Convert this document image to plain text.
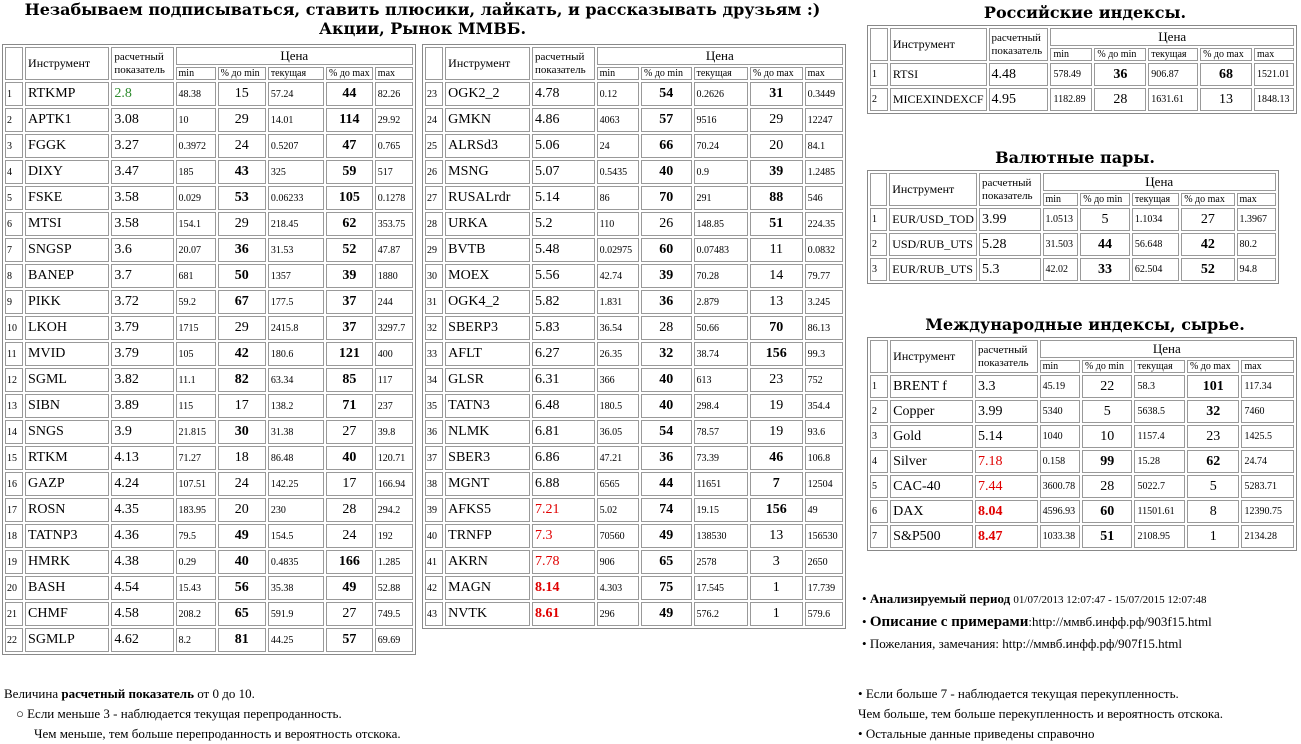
Незабываем подписываться, ставить плюсики, лайкать, и рассказывать друзьям :)
Акции, Рынок ММВБ.
	Инструмент	расчетный
показатель	Цена				
			min	% до min	текущая	% до max	max
1	RTKMP	2.8	48.38	15	57.24	44	82.26
2	APTK1	3.08	10	29	14.01	114	29.92
3	FGGK	3.27	0.3972	24	0.5207	47	0.765
4	DIXY	3.47	185	43	325	59	517
5	FSKE	3.58	0.029	53	0.06233	105	0.1278
6	MTSI	3.58	154.1	29	218.45	62	353.75
7	SNGSP	3.6	20.07	36	31.53	52	47.87
8	BANEP	3.7	681	50	1357	39	1880
9	PIKK	3.72	59.2	67	177.5	37	244
10	LKOH	3.79	1715	29	2415.8	37	3297.7
11	MVID	3.79	105	42	180.6	121	400
12	SGML	3.82	11.1	82	63.34	85	117
13	SIBN	3.89	115	17	138.2	71	237
14	SNGS	3.9	21.815	30	31.38	27	39.8
15	RTKM	4.13	71.27	18	86.48	40	120.71
16	GAZP	4.24	107.51	24	142.25	17	166.94
17	ROSN	4.35	183.95	20	230	28	294.2
18	TATNP3	4.36	79.5	49	154.5	24	192
19	HMRK	4.38	0.29	40	0.4835	166	1.285
20	BASH	4.54	15.43	56	35.38	49	52.88
21	CHMF	4.58	208.2	65	591.9	27	749.5
22	SGMLP	4.62	8.2	81	44.25	57	69.69
	Инструмент	расчетный
показатель	Цена				
			min	% до min	текущая	% до max	max
23	OGK2_2	4.78	0.12	54	0.2626	31	0.3449
24	GMKN	4.86	4063	57	9516	29	12247
25	ALRSd3	5.06	24	66	70.24	20	84.1
26	MSNG	5.07	0.5435	40	0.9	39	1.2485
27	RUSALrdr	5.14	86	70	291	88	546
28	URKA	5.2	110	26	148.85	51	224.35
29	BVTB	5.48	0.02975	60	0.07483	11	0.0832
30	MOEX	5.56	42.74	39	70.28	14	79.77
31	OGK4_2	5.82	1.831	36	2.879	13	3.245
32	SBERP3	5.83	36.54	28	50.66	70	86.13
33	AFLT	6.27	26.35	32	38.74	156	99.3
34	GLSR	6.31	366	40	613	23	752
35	TATN3	6.48	180.5	40	298.4	19	354.4
36	NLMK	6.81	36.05	54	78.57	19	93.6
37	SBER3	6.86	47.21	36	73.39	46	106.8
38	MGNT	6.88	6565	44	11651	7	12504
39	AFKS5	7.21	5.02	74	19.15	156	49
40	TRNFP	7.3	70560	49	138530	13	156530
41	AKRN	7.78	906	65	2578	3	2650
42	MAGN	8.14	4.303	75	17.545	1	17.739
43	NVTK	8.61	296	49	576.2	1	579.6
Российские индексы.
	Инструмент	расчетный
показатель	Цена				
			min	% до min	текущая	% до max	max
1	RTSI	4.48	578.49	36	906.87	68	1521.01
2	MICEXINDEXCF	4.95	1182.89	28	1631.61	13	1848.13
Валютные пары.
	Инструмент	расчетный
показатель	Цена				
			min	% до min	текущая	% до max	max
1	EUR/USD_TOD	3.99	1.0513	5	1.1034	27	1.3967
2	USD/RUB_UTS	5.28	31.503	44	56.648	42	80.2
3	EUR/RUB_UTS	5.3	42.02	33	62.504	52	94.8
Международные индексы, сырье.
	Инструмент	расчетный
показатель	Цена				
			min	% до min	текущая	% до max	max
1	BRENT f	3.3	45.19	22	58.3	101	117.34
2	Copper	3.99	5340	5	5638.5	32	7460
3	Gold	5.14	1040	10	1157.4	23	1425.5
4	Silver	7.18	0.158	99	15.28	62	24.74
5	CAC-40	7.44	3600.78	28	5022.7	5	5283.71
6	DAX	8.04	4596.93	60	11501.61	8	12390.75
7	S&P500	8.47	1033.38	51	2108.95	1	2134.28
• Анализируемый период 01/07/2013 12:07:47 - 15/07/2015 12:07:48
• Описание с примерами:http://ммвб.инфф.рф/903f15.html
• Пожелания, замечания: http://ммвб.инфф.рф/907f15.html
Величина расчетный показатель от 0 до 10.
○ Если меньше 3 - наблюдается текущая перепроданность.
Чем меньше, тем больше перепроданность и вероятность отскока.
• Если больше 7 - наблюдается текущая перекупленность.
Чем больше, тем больше перекупленность и вероятность отскока.
• Остальные данные приведены справочно
